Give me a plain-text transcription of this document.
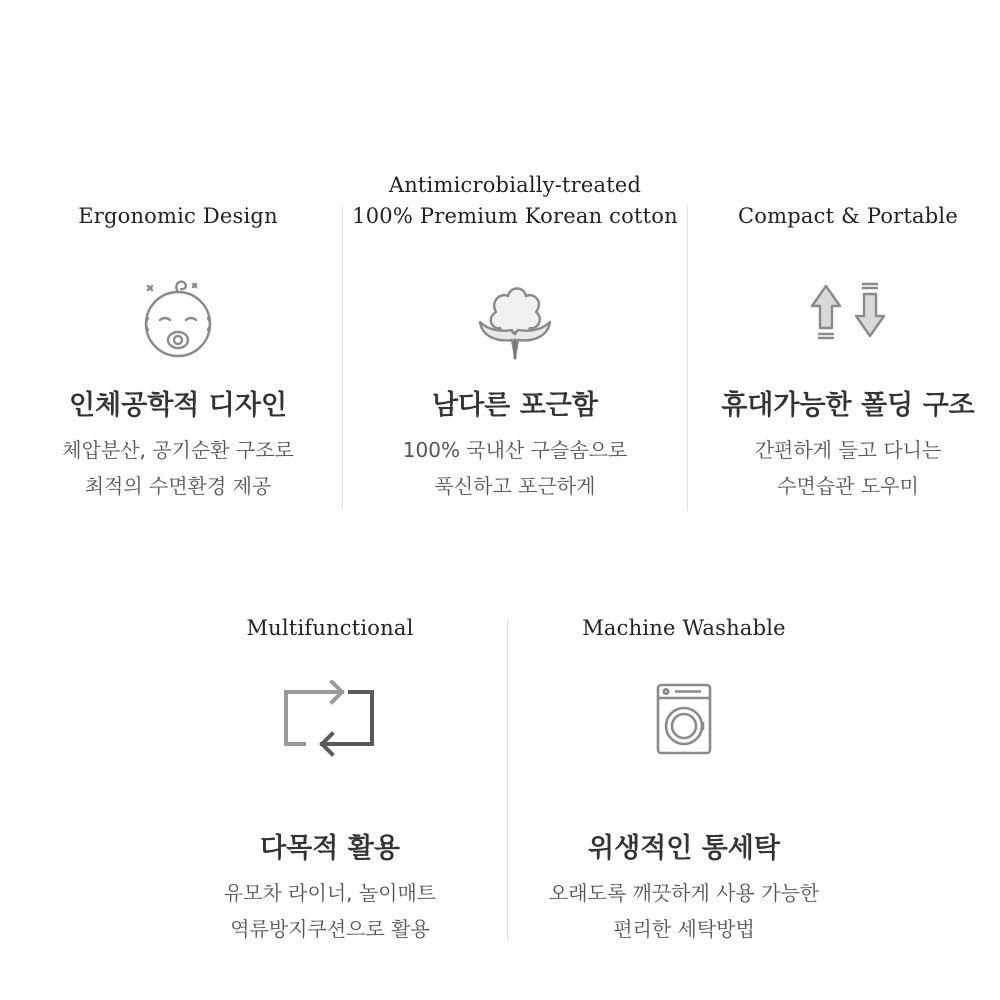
Ergonomic Design
인체공학적 디자인
체압분산, 공기순환 구조로
최적의 수면환경 제공
Antimicrobially-treated
100% Premium Korean cotton
남다른 포근함
100% 국내산 구슬솜으로
푹신하고 포근하게
Compact & Portable
휴대가능한 폴딩 구조
간편하게 들고 다니는
수면습관 도우미
Multifunctional
다목적 활용
유모차 라이너, 놀이매트
역류방지쿠션으로 활용
Machine Washable
위생적인 통세탁
오래도록 깨끗하게 사용 가능한
편리한 세탁방법
